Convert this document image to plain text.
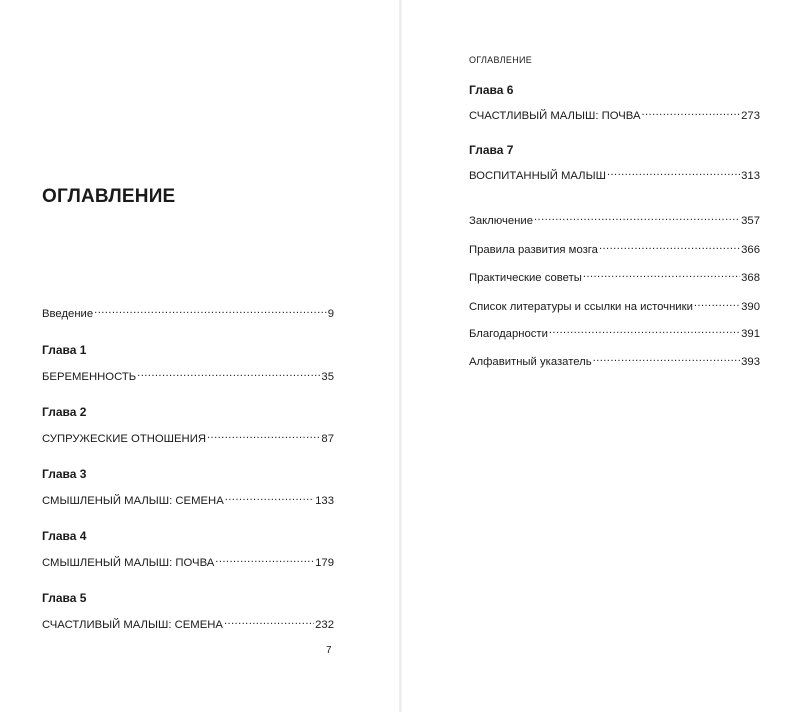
ОГЛАВЛЕНИЕ
Введение .....	9
Глава 1
БЕРЕМЕННОСТЬ .....	35
Глава 2
СУПРУЖЕСКИЕ ОТНОШЕНИЯ .....	87
Глава 3
СМЫШЛЕНЫЙ МАЛЫШ: СЕМЕНА .....	133
Глава 4
СМЫШЛЕНЫЙ МАЛЫШ: ПОЧВА .....	179
Глава 5
СЧАСТЛИВЫЙ МАЛЫШ: СЕМЕНА .....	232
7
ОГЛАВЛЕНИЕ
Глава 6
СЧАСТЛИВЫЙ МАЛЫШ: ПОЧВА .....	273
Глава 7
ВОСПИТАННЫЙ МАЛЫШ .....	313
Заключение .....	357
Правила развития мозга .....	366
Практические советы .....	368
Список литературы и ссылки на источники .....	390
Благодарности .....	391
Алфавитный указатель .....	393
